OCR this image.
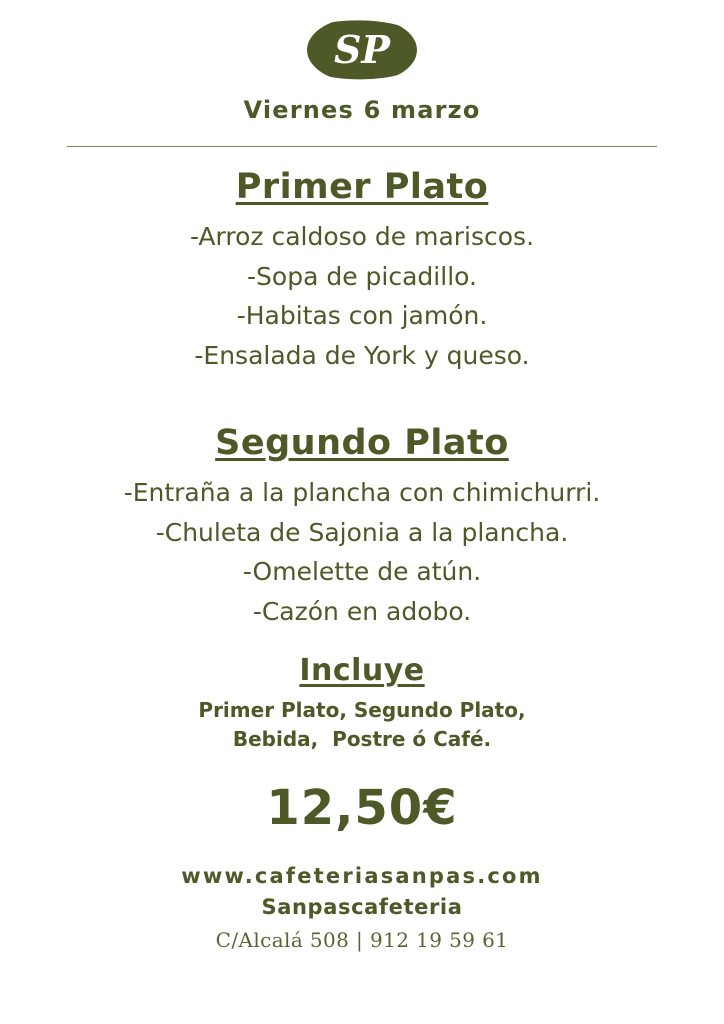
SP
Viernes 6 marzo
Primer Plato
-Arroz caldoso de mariscos.
-Sopa de picadillo.
-Habitas con jamón.
-Ensalada de York y queso.
Segundo Plato
-Entraña a la plancha con chimichurri.
-Chuleta de Sajonia a la plancha.
-Omelette de atún.
-Cazón en adobo.
Incluye
Primer Plato, Segundo Plato,
Bebida,  Postre ó Café.
12,50€
www.cafeteriasanpas.com
Sanpascafeteria
C/Alcalá 508 | 912 19 59 61
